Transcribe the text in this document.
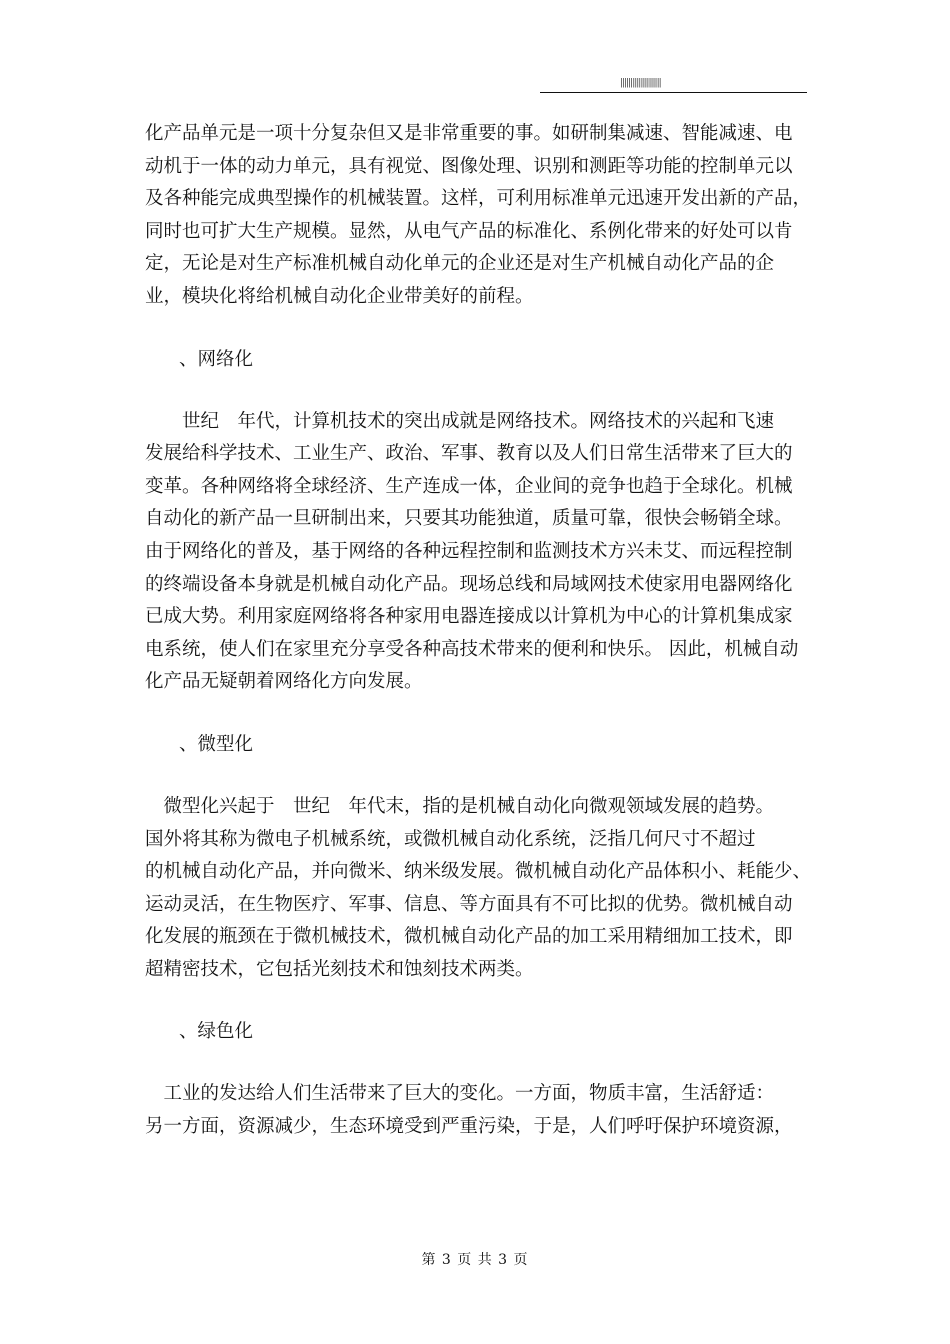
||||||||||||||||||||

化产品单元是一项十分复杂但又是非常重要的事。如研制集减速、智能减速、电
动机于一体的动力单元，具有视觉、图像处理、识别和测距等功能的控制单元以
及各种能完成典型操作的机械装置。这样，可利用标准单元迅速开发出新的产品，
同时也可扩大生产规模。显然，从电气产品的标准化、系例化带来的好处可以肯
定，无论是对生产标准机械自动化单元的企业还是对生产机械自动化产品的企
业，模块化将给机械自动化企业带美好的前程。

、网络化

　　世纪　年代，计算机技术的突出成就是网络技术。网络技术的兴起和飞速
发展给科学技术、工业生产、政治、军事、教育以及人们日常生活带来了巨大的
变革。各种网络将全球经济、生产连成一体，企业间的竞争也趋于全球化。机械
自动化的新产品一旦研制出来，只要其功能独道，质量可靠，很快会畅销全球。
由于网络化的普及，基于网络的各种远程控制和监测技术方兴未艾、而远程控制
的终端设备本身就是机械自动化产品。现场总线和局域网技术使家用电器网络化
已成大势。利用家庭网络将各种家用电器连接成以计算机为中心的计算机集成家
电系统，使人们在家里充分享受各种高技术带来的便利和快乐。 因此，机械自动
化产品无疑朝着网络化方向发展。

、微型化

　微型化兴起于　世纪　年代末，指的是机械自动化向微观领域发展的趋势。
国外将其称为微电子机械系统，或微机械自动化系统，泛指几何尺寸不超过
的机械自动化产品，并向微米、纳米级发展。微机械自动化产品体积小、耗能少、
运动灵活，在生物医疗、军事、信息、等方面具有不可比拟的优势。微机械自动
化发展的瓶颈在于微机械技术，微机械自动化产品的加工采用精细加工技术，即
超精密技术，它包括光刻技术和蚀刻技术两类。

、绿色化

　工业的发达给人们生活带来了巨大的变化。一方面，物质丰富，生活舒适：
另一方面，资源减少，生态环境受到严重污染，于是，人们呼吁保护环境资源，

第 3 页 共 3 页
